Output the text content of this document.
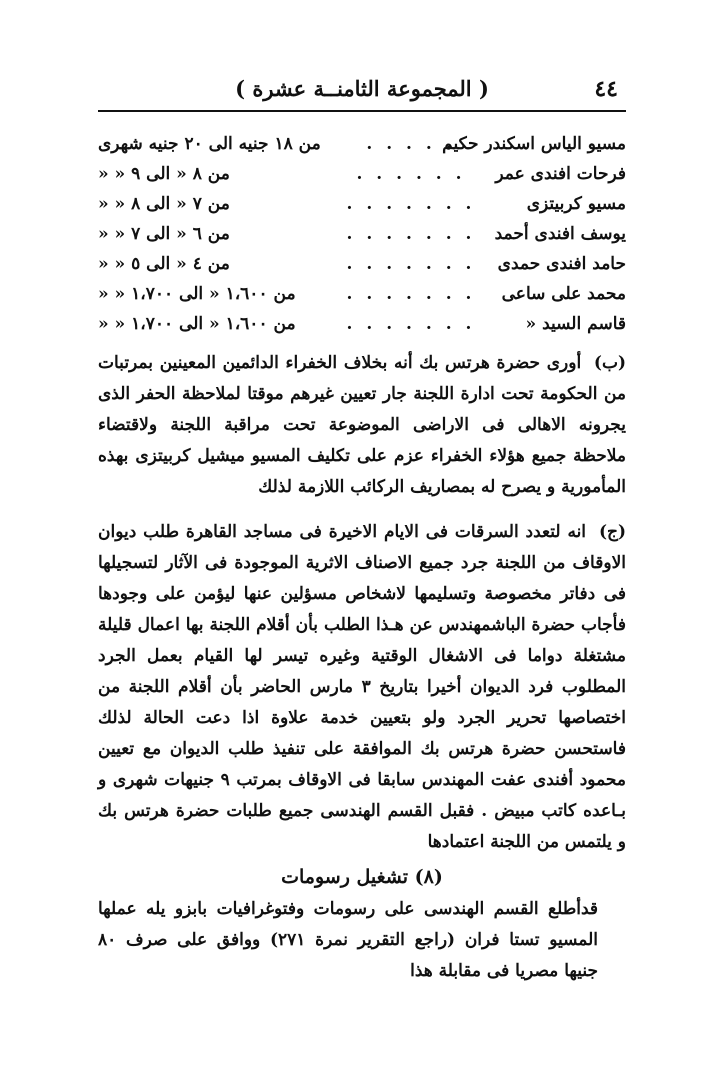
٤٤
( المجموعة الثامنــة عشرة )
مسيو الياس اسكندر حكيم
. . . . .
من ١٨ جنيه الى ٢٠ جنيه شهرى
فرحات افندى عمر
. . . . . .
من ٨ « الى ٩ « «
مسيو كربيتزى
. . . . . . .
من ٧ « الى ٨ « «
يوسف افندى أحمد
. . . . . . .
من ٦ « الى ٧ « «
حامد افندى حمدى
. . . . . . .
من ٤ « الى ٥ « «
محمد على ساعى
. . . . . . .
من ١،٦٠٠ « الى ١،٧٠٠ « «
قاسم السيد «
. . . . . . .
من ١،٦٠٠ « الى ١،٧٠٠ « «

(ب) أورى حضرة هرتس بك أنه بخلاف الخفراء الدائمين المعينين بمرتبات من الحكومة تحت ادارة اللجنة جار تعيين غيرهم موقتا لملاحظة الحفر الذى يجرونه الاهالى فى الاراضى الموضوعة تحت مراقبة اللجنة ولاقتضاء ملاحظة جميع هؤلاء الخفراء عزم على تكليف المسيو ميشيل كربيتزى بهذه المأمورية و يصرح له بمصاريف الركائب اللازمة لذلك

(ج) انه لتعدد السرقات فى الايام الاخيرة فى مساجد القاهرة طلب ديوان الاوقاف من اللجنة جرد جميع الاصناف الاثرية الموجودة فى الآثار لتسجيلها فى دفاتر مخصوصة وتسليمها لاشخاص مسؤلين عنها ليؤمن على وجودها فأجاب حضرة الباشمهندس عن هـذا الطلب بأن أقلام اللجنة بها اعمال قليلة مشتغلة دواما فى الاشغال الوقتية وغيره تيسر لها القيام بعمل الجرد المطلوب فرد الديوان أخيرا بتاريخ ٣ مارس الحاضر بأن أقلام اللجنة من اختصاصها تحرير الجرد ولو بتعيين خدمة علاوة اذا دعت الحالة لذلك فاستحسن حضرة هرتس بك الموافقة على تنفيذ طلب الديوان مع تعيين محمود أفندى عفت المهندس سابقا فى الاوقاف بمرتب ٩ جنيهات شهرى و بـاعده كاتب مبيض . فقبل القسم الهندسى جميع طلبات حضرة هرتس بك و يلتمس من اللجنة اعتمادها

(٨) تشغيل رسومات

قدأطلع القسم الهندسى على رسومات وفتوغرافيات بابزو يله عملها المسيو تستا فران (راجع التقرير نمرة ٢٧١) ووافق على صرف ٨٠ جنيها مصريا فى مقابلة هذا
